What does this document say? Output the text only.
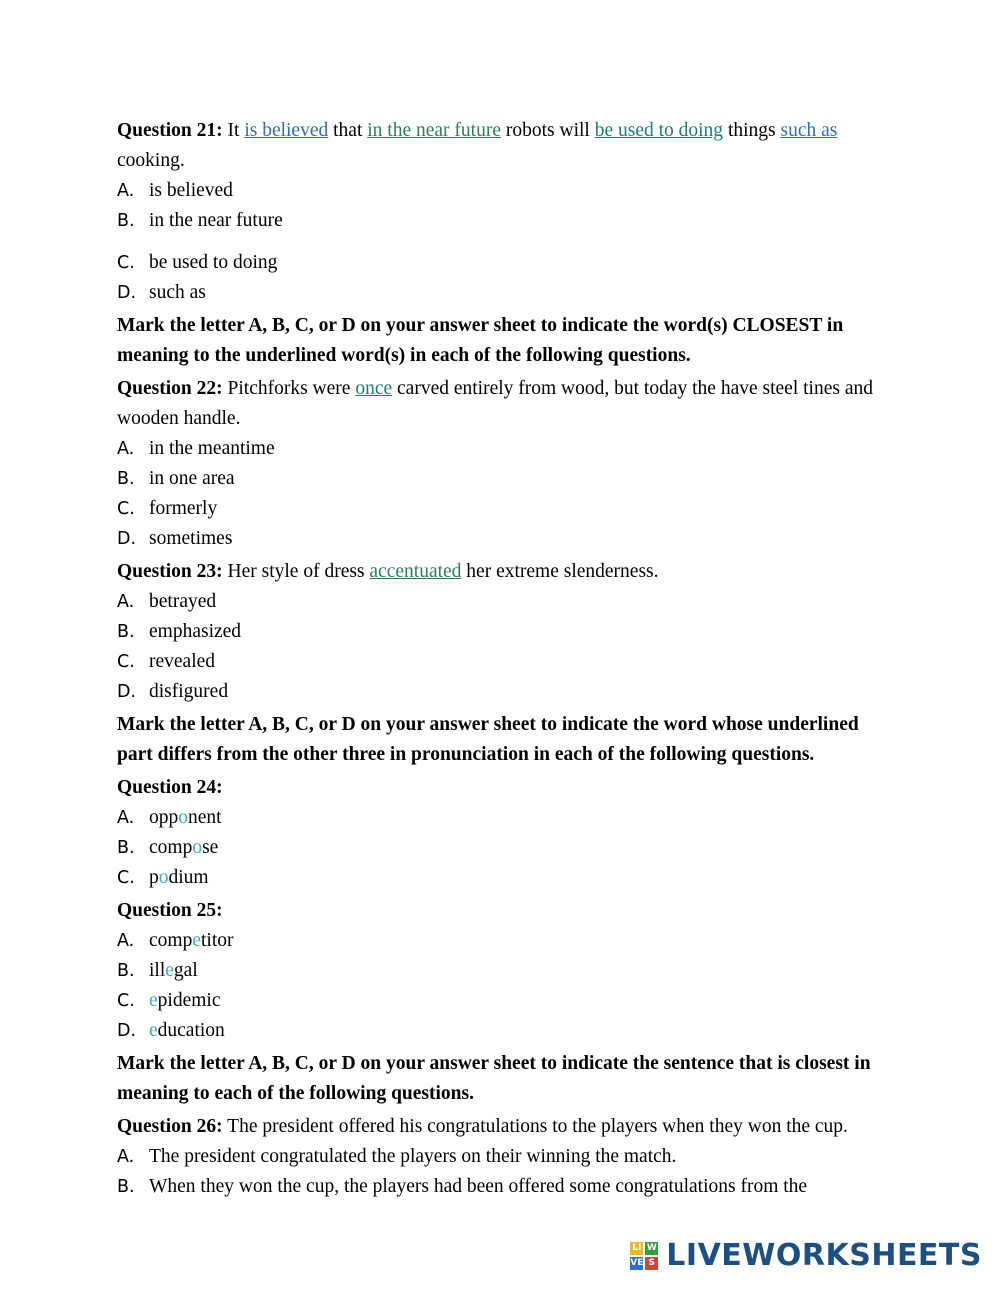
Question 21: It is believed that in the near future robots will be used to doing things such as cooking.

A. is believed
B. in the near future
C. be used to doing
D. such as

Mark the letter A, B, C, or D on your answer sheet to indicate the word(s) CLOSEST in meaning to the underlined word(s) in each of the following questions.

Question 22: Pitchforks were once carved entirely from wood, but today the have steel tines and wooden handle.

A. in the meantime
B. in one area
C. formerly
D. sometimes

Question 23: Her style of dress accentuated her extreme slenderness.

A. betrayed
B. emphasized
C. revealed
D. disfigured

Mark the letter A, B, C, or D on your answer sheet to indicate the word whose underlined part differs from the other three in pronunciation in each of the following questions.

Question 24:

A. opponent
B. compose
C. podium

Question 25:

A. competitor
B. illegal
C. epidemic
D. education

Mark the letter A, B, C, or D on your answer sheet to indicate the sentence that is closest in meaning to each of the following questions.

Question 26: The president offered his congratulations to the players when they won the cup.

A. The president congratulated the players on their winning the match.
B. When they won the cup, the players had been offered some congratulations from the
LI W
VE S LIVEWORKSHEETS
